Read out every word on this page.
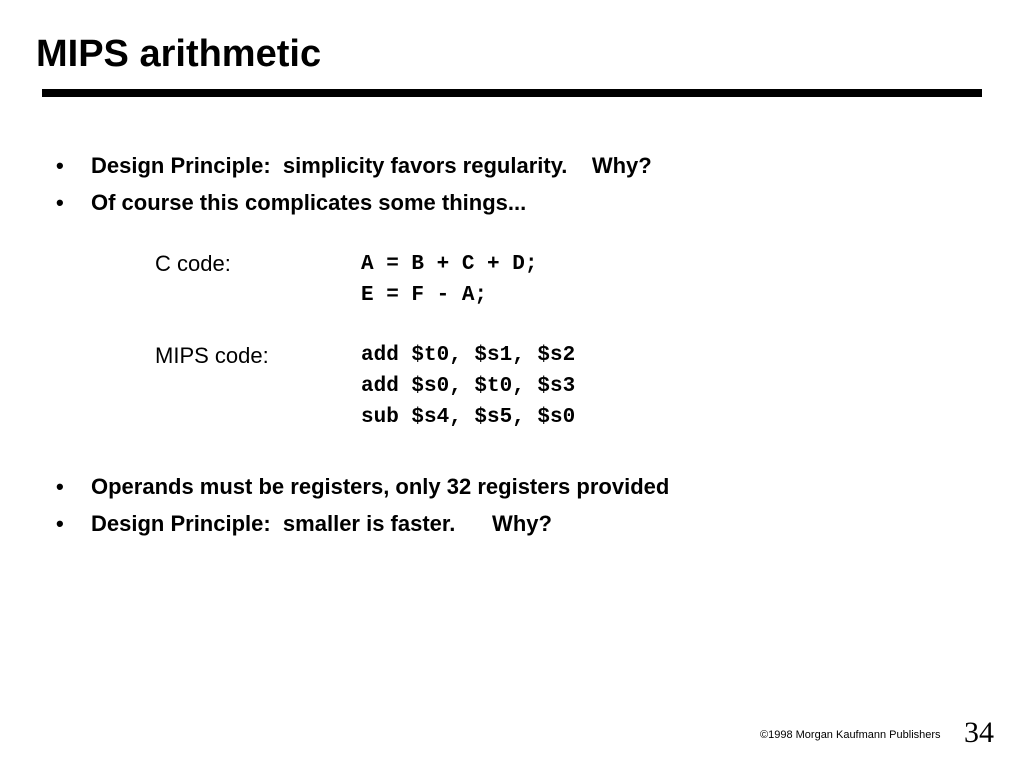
MIPS arithmetic
• Design Principle:  simplicity favors regularity.    Why?
• Of course this complicates some things...
C code:	A = B + C + D;
E = F - A;
MIPS code:	add $t0, $s1, $s2
add $s0, $t0, $s3
sub $s4, $s5, $s0
• Operands must be registers, only 32 registers provided
• Design Principle:  smaller is faster.      Why?
©1998 Morgan Kaufmann Publishers 34
